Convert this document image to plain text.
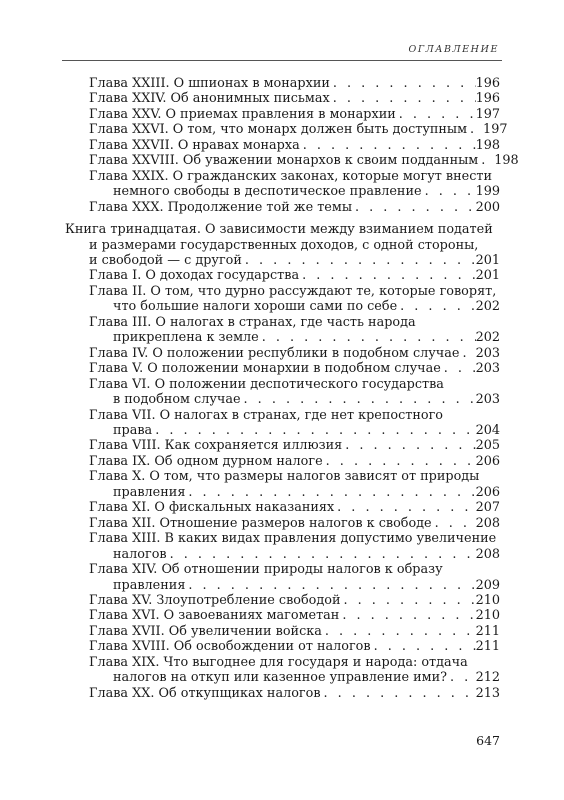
ОГЛАВЛЕНИЕ
Глава XXIII. О шпионах в монархии . . .	196
Глава XXIV. Об анонимных письмах . . .	196
Глава XXV. О приемах правления в монархии . . .	197
Глава XXVI. О том, что монарх должен быть доступным . . . 197
Глава XXVII. О нравах монарха . . .	198
Глава XXVIII. Об уважении монархов к своим подданным . . . 198
Глава XXIX. О гражданских законах, которые могут внести
немного свободы в деспотическое правление . . .	199
Глава XXX. Продолжение той же темы . . .	200
Книга тринадцатая. О зависимости между взиманием податей
и размерами государственных доходов, с одной стороны,
и свободой — с другой . . .	201
Глава I. О доходах государства . . .	201
Глава II. О том, что дурно рассуждают те, которые говорят,
что большие налоги хороши сами по себе . . .	202
Глава III. О налогах в странах, где часть народа
прикреплена к земле . . .	202
Глава IV. О положении республики в подобном случае . . . 203
Глава V. О положении монархии в подобном случае . . .	203
Глава VI. О положении деспотического государства
в подобном случае . . .	203
Глава VII. О налогах в странах, где нет крепостного
права . . .	204
Глава VIII. Как сохраняется иллюзия . . .	205
Глава IX. Об одном дурном налоге . . .	206
Глава X. О том, что размеры налогов зависят от природы
правления . . .	206
Глава XI. О фискальных наказаниях . . .	207
Глава XII. Отношение размеров налогов к свободе . . .	208
Глава XIII. В каких видах правления допустимо увеличение
налогов . . .	208
Глава XIV. Об отношении природы налогов к образу
правления . . .	209
Глава XV. Злоупотребление свободой . . .	210
Глава XVI. О завоеваниях магометан . . .	210
Глава XVII. Об увеличении войска . . .	211
Глава XVIII. Об освобождении от налогов . . .	211
Глава XIX. Что выгоднее для государя и народа: отдача
налогов на откуп или казенное управление ими? . . . 212
Глава XX. Об откупщиках налогов . . .	213
647
